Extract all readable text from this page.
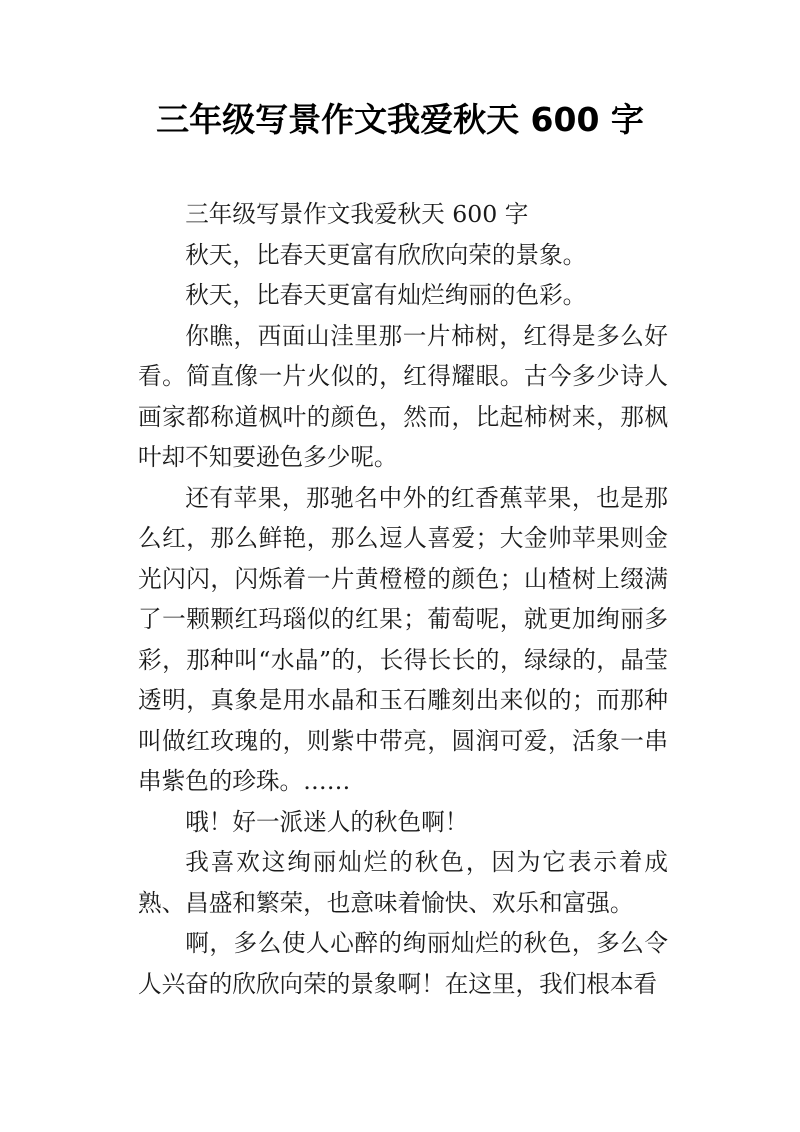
三年级写景作文我爱秋天 600 字

三年级写景作文我爱秋天 600 字

秋天，比春天更富有欣欣向荣的景象。

秋天，比春天更富有灿烂绚丽的色彩。

你瞧，西面山洼里那一片柿树，红得是多么好看。简直像一片火似的，红得耀眼。古今多少诗人画家都称道枫叶的颜色，然而，比起柿树来，那枫叶却不知要逊色多少呢。

还有苹果，那驰名中外的红香蕉苹果，也是那么红，那么鲜艳，那么逗人喜爱；大金帅苹果则金光闪闪，闪烁着一片黄橙橙的颜色；山楂树上缀满了一颗颗红玛瑙似的红果；葡萄呢，就更加绚丽多彩，那种叫“水晶”的，长得长长的，绿绿的，晶莹透明，真象是用水晶和玉石雕刻出来似的；而那种叫做红玫瑰的，则紫中带亮，圆润可爱，活象一串串紫色的珍珠。……

哦！好一派迷人的秋色啊！

我喜欢这绚丽灿烂的秋色，因为它表示着成熟、昌盛和繁荣，也意味着愉快、欢乐和富强。

啊，多么使人心醉的绚丽灿烂的秋色，多么令人兴奋的欣欣向荣的景象啊！在这里，我们根本看
